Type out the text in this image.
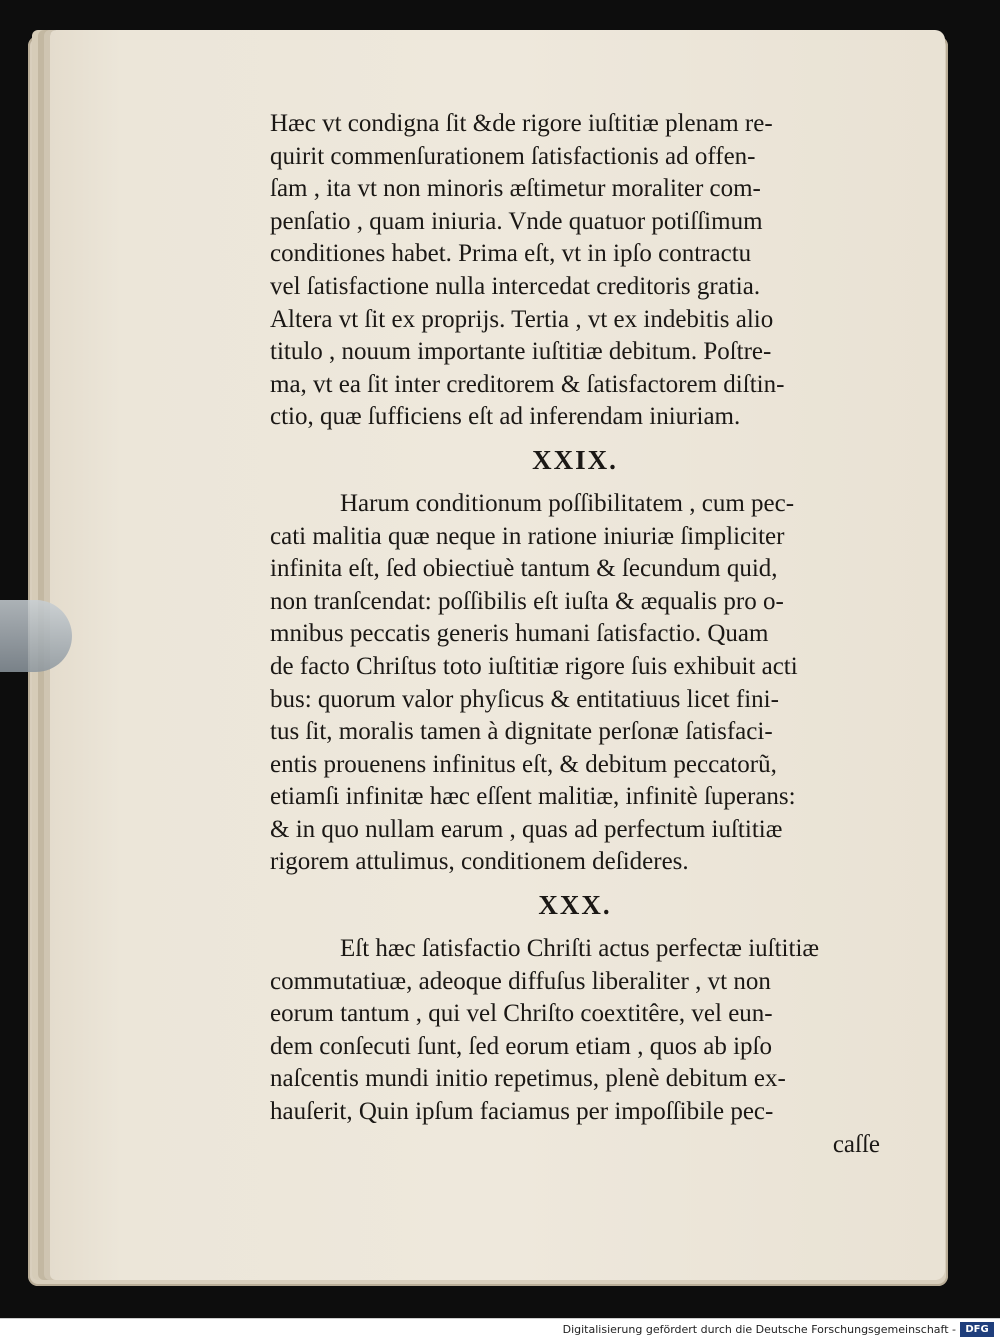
Hæc vt condigna ſit &de rigore iuſtitiæ plenam re-
quirit commenſurationem ſatisfactionis ad offen-
ſam , ita vt non minoris æſtimetur moraliter com-
penſatio , quam iniuria. Vnde quatuor potiſſimum
conditiones habet. Prima eſt, vt in ipſo contractu
vel ſatisfactione nulla intercedat creditoris gratia.
Altera vt ſit ex proprijs. Tertia , vt ex indebitis alio
titulo , nouum importante iuſtitiæ debitum. Poſtre-
ma, vt ea ſit inter creditorem & ſatisfactorem diſtin-
ctio, quæ ſufficiens eſt ad inferendam iniuriam.
XXIX.
Harum conditionum poſſibilitatem , cum pec-
cati malitia quæ neque in ratione iniuriæ ſimpliciter
infinita eſt, ſed obiectiuè tantum & ſecundum quid,
non tranſcendat: poſſibilis eſt iuſta & æqualis pro o-
mnibus peccatis generis humani ſatisfactio. Quam
de facto Chriſtus toto iuſtitiæ rigore ſuis exhibuit acti
bus: quorum valor phyſicus & entitatiuus licet fini-
tus ſit, moralis tamen à dignitate perſonæ ſatisfaci-
entis prouenens infinitus eſt, & debitum peccatorũ,
etiamſi infinitæ hæc eſſent malitiæ, infinitè ſuperans:
& in quo nullam earum , quas ad perfectum iuſtitiæ
rigorem attulimus, conditionem deſideres.
XXX.
Eſt hæc ſatisfactio Chriſti actus perfectæ iuſtitiæ
commutatiuæ, adeoque diffuſus liberaliter , vt non
eorum tantum , qui vel Chriſto coextitêre, vel eun-
dem conſecuti ſunt, ſed eorum etiam , quos ab ipſo
naſcentis mundi initio repetimus, plenè debitum ex-
hauſerit, Quin ipſum faciamus per impoſſibile pec-
caſſe
Digitalisierung gefördert durch die Deutsche Forschungsgemeinschaft - DFG
